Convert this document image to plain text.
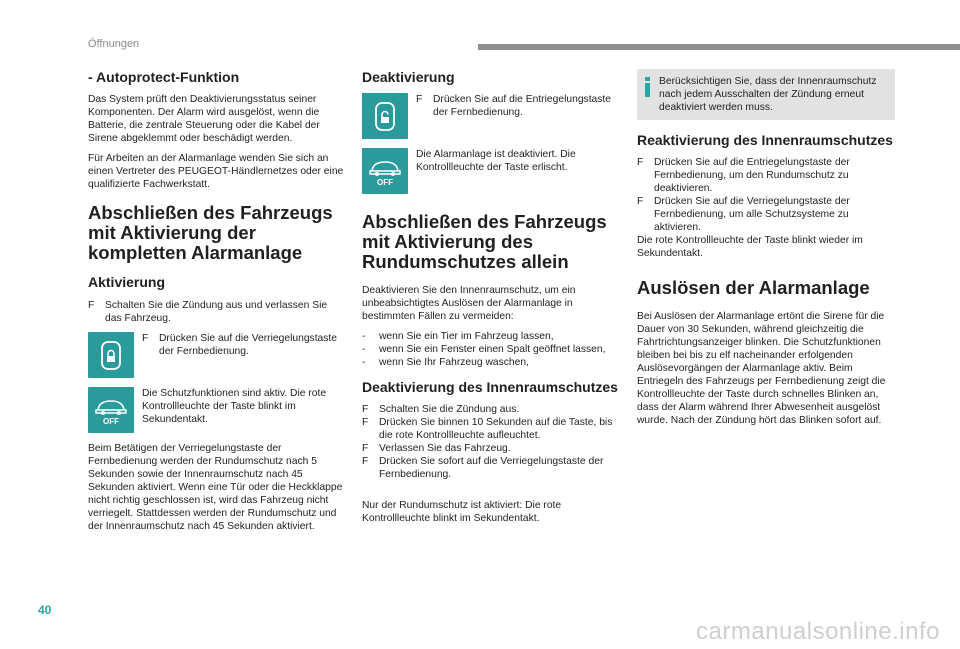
Öffnungen
40
carmanualsonline.info
- Autoprotect-Funktion

Das System prüft den Deaktivierungsstatus seiner Komponenten. Der Alarm wird ausgelöst, wenn die Batterie, die zentrale Steuerung oder die Kabel der Sirene abgeklemmt oder beschädigt werden.

Für Arbeiten an der Alarmanlage wenden Sie sich an einen Vertreter des PEUGEOT-Händlernetzes oder eine qualifizierte Fachwerkstatt.

Abschließen des Fahrzeugs mit Aktivierung der kompletten Alarmanlage
Aktivierung
F Schalten Sie die Zündung aus und verlassen Sie das Fahrzeug.
F Drücken Sie auf die Verriegelungstaste der Fernbedienung.
OFF
Die Schutzfunktionen sind aktiv. Die rote Kontrollleuchte der Taste blinkt im Sekundentakt.

Beim Betätigen der Verriegelungstaste der Fernbedienung werden der Rundumschutz nach 5 Sekunden sowie der Innenraumschutz nach 45 Sekunden aktiviert. Wenn eine Tür oder die Heckklappe nicht richtig geschlossen ist, wird das Fahrzeug nicht verriegelt. Stattdessen werden der Rundumschutz und der Innenraumschutz nach 45 Sekunden aktiviert.

Deaktivierung
F Drücken Sie auf die Entriegelungstaste der Fernbedienung.
OFF
Die Alarmanlage ist deaktiviert. Die Kontrollleuchte der Taste erlischt.
Abschließen des Fahrzeugs mit Aktivierung des Rundumschutzes allein

Deaktivieren Sie den Innenraumschutz, um ein unbeabsichtigtes Auslösen der Alarmanlage in bestimmten Fällen zu vermeiden:

- wenn Sie ein Tier im Fahrzeug lassen,
- wenn Sie ein Fenster einen Spalt geöffnet lassen,
- wenn Sie Ihr Fahrzeug waschen,
Deaktivierung des Innenraumschutzes
F Schalten Sie die Zündung aus.
F Drücken Sie binnen 10 Sekunden auf die Taste, bis die rote Kontrollleuchte aufleuchtet.
F Verlassen Sie das Fahrzeug.
F Drücken Sie sofort auf die Verriegelungstaste der Fernbedienung.

Nur der Rundumschutz ist aktiviert: Die rote Kontrollleuchte blinkt im Sekundentakt.

Berücksichtigen Sie, dass der Innenraumschutz nach jedem Ausschalten der Zündung erneut deaktiviert werden muss.
Reaktivierung des Innenraumschutzes
F Drücken Sie auf die Entriegelungstaste der Fernbedienung, um den Rundumschutz zu deaktivieren.
F Drücken Sie auf die Verriegelungstaste der Fernbedienung, um alle Schutzsysteme zu aktivieren.

Die rote Kontrollleuchte der Taste blinkt wieder im Sekundentakt.

Auslösen der Alarmanlage

Bei Auslösen der Alarmanlage ertönt die Sirene für die Dauer von 30 Sekunden, während gleichzeitig die Fahrtrichtungsanzeiger blinken. Die Schutzfunktionen bleiben bei bis zu elf nacheinander erfolgenden Auslösevorgängen der Alarmanlage aktiv. Beim Entriegeln des Fahrzeugs per Fernbedienung zeigt die Kontrollleuchte der Taste durch schnelles Blinken an, dass der Alarm während Ihrer Abwesenheit ausgelöst wurde. Nach der Zündung hört das Blinken sofort auf.
